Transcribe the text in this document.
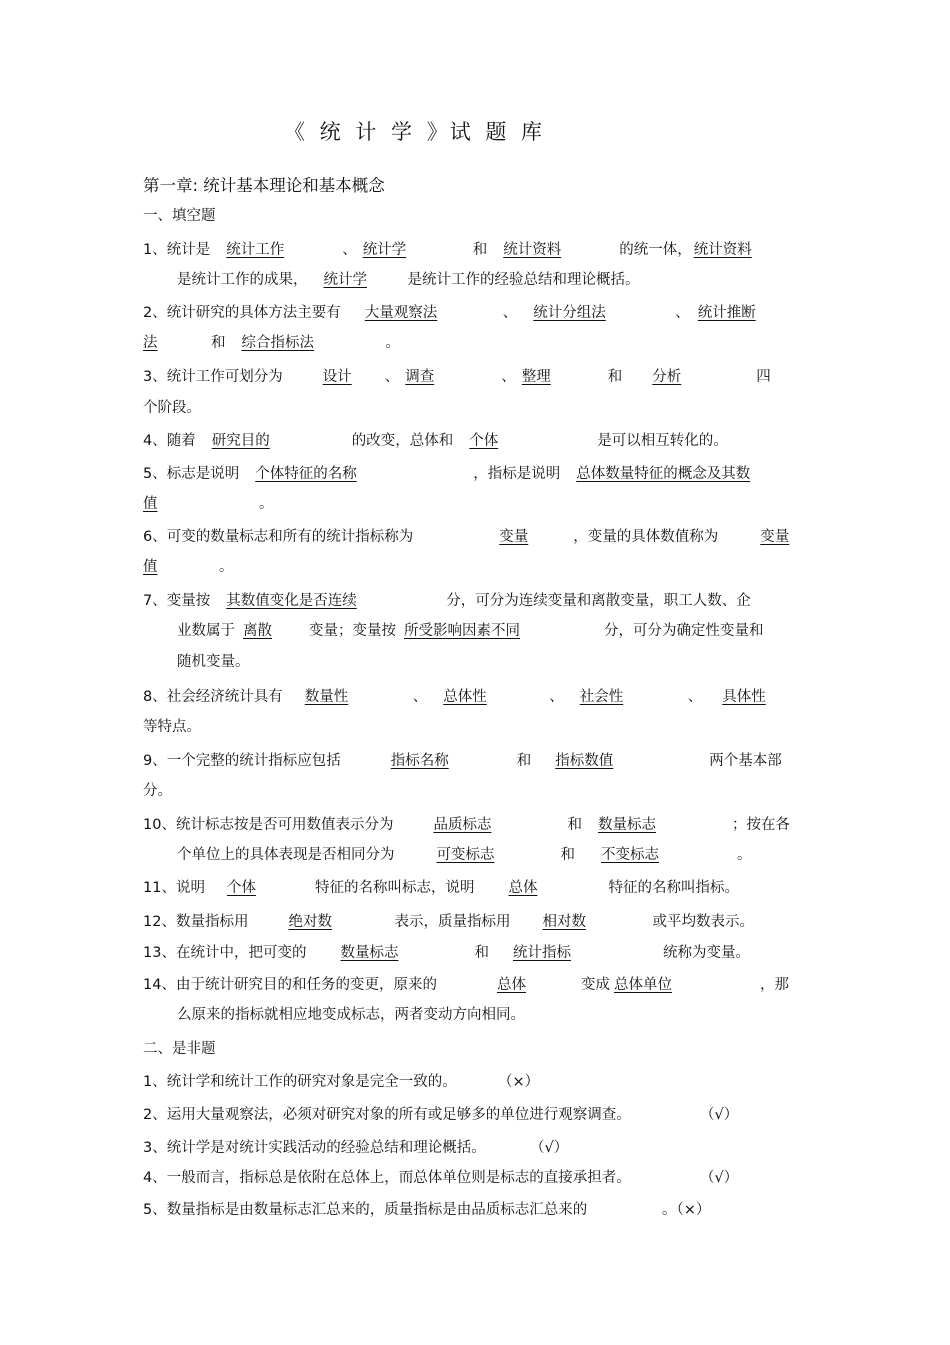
《 统 计 学 》试 题 库
第一章: 统计基本理论和基本概念
一、填空题
1、统计是 统计工作	、 统计学	和 统计资料	的统一体， 统计资料
是统计工作的成果， 统计学	是统计工作的经验总结和理论概括。
2、统计研究的具体方法主要有 大量观察法	、 统计分组法	、 统计推断
法	和 综合指标法	。
3、统计工作可划分为	设计 、 调查	、 整理	和 分析	四
个阶段。
4、随着 研究目的	的改变，总体和 个体	是可以相互转化的。
5、标志是说明 个体特征的名称	，指标是说明 总体数量特征的概念及其数
值	。
6、可变的数量标志和所有的统计指标称为	变量	，变量的具体数值称为	变量
值	。
7、变量按 其数值变化是否连续	分，可分为连续变量和离散变量，职工人数、企
业数属于 离散	变量；变量按 所受影响因素不同	分，可分为确定性变量和
随机变量。
8、社会经济统计具有 数量性	、 总体性	、 社会性	、 具体性
等特点。
9、一个完整的统计指标应包括	指标名称	和 指标数值	两个基本部
分。
10、统计标志按是否可用数值表示分为	品质标志	和 数量标志	；按在各
个单位上的具体表现是否相同分为	可变标志	和 不变标志	。
11、说明 个体	特征的名称叫标志，说明 总体	特征的名称叫指标。
12、数量指标用	绝对数	表示，质量指标用 相对数	或平均数表示。
13、在统计中，把可变的 数量标志	和 统计指标	统称为变量。
14、由于统计研究目的和任务的变更，原来的	总体	变成 总体单位	，那
么原来的指标就相应地变成标志，两者变动方向相同。
二、是非题
1、统计学和统计工作的研究对象是完全一致的。	（×）
2、运用大量观察法，必须对研究对象的所有或足够多的单位进行观察调查。	（√）
3、统计学是对统计实践活动的经验总结和理论概括。	（√）
4、一般而言，指标总是依附在总体上，而总体单位则是标志的直接承担者。	（√）
5、数量指标是由数量标志汇总来的，质量指标是由品质标志汇总来的	。（×）
